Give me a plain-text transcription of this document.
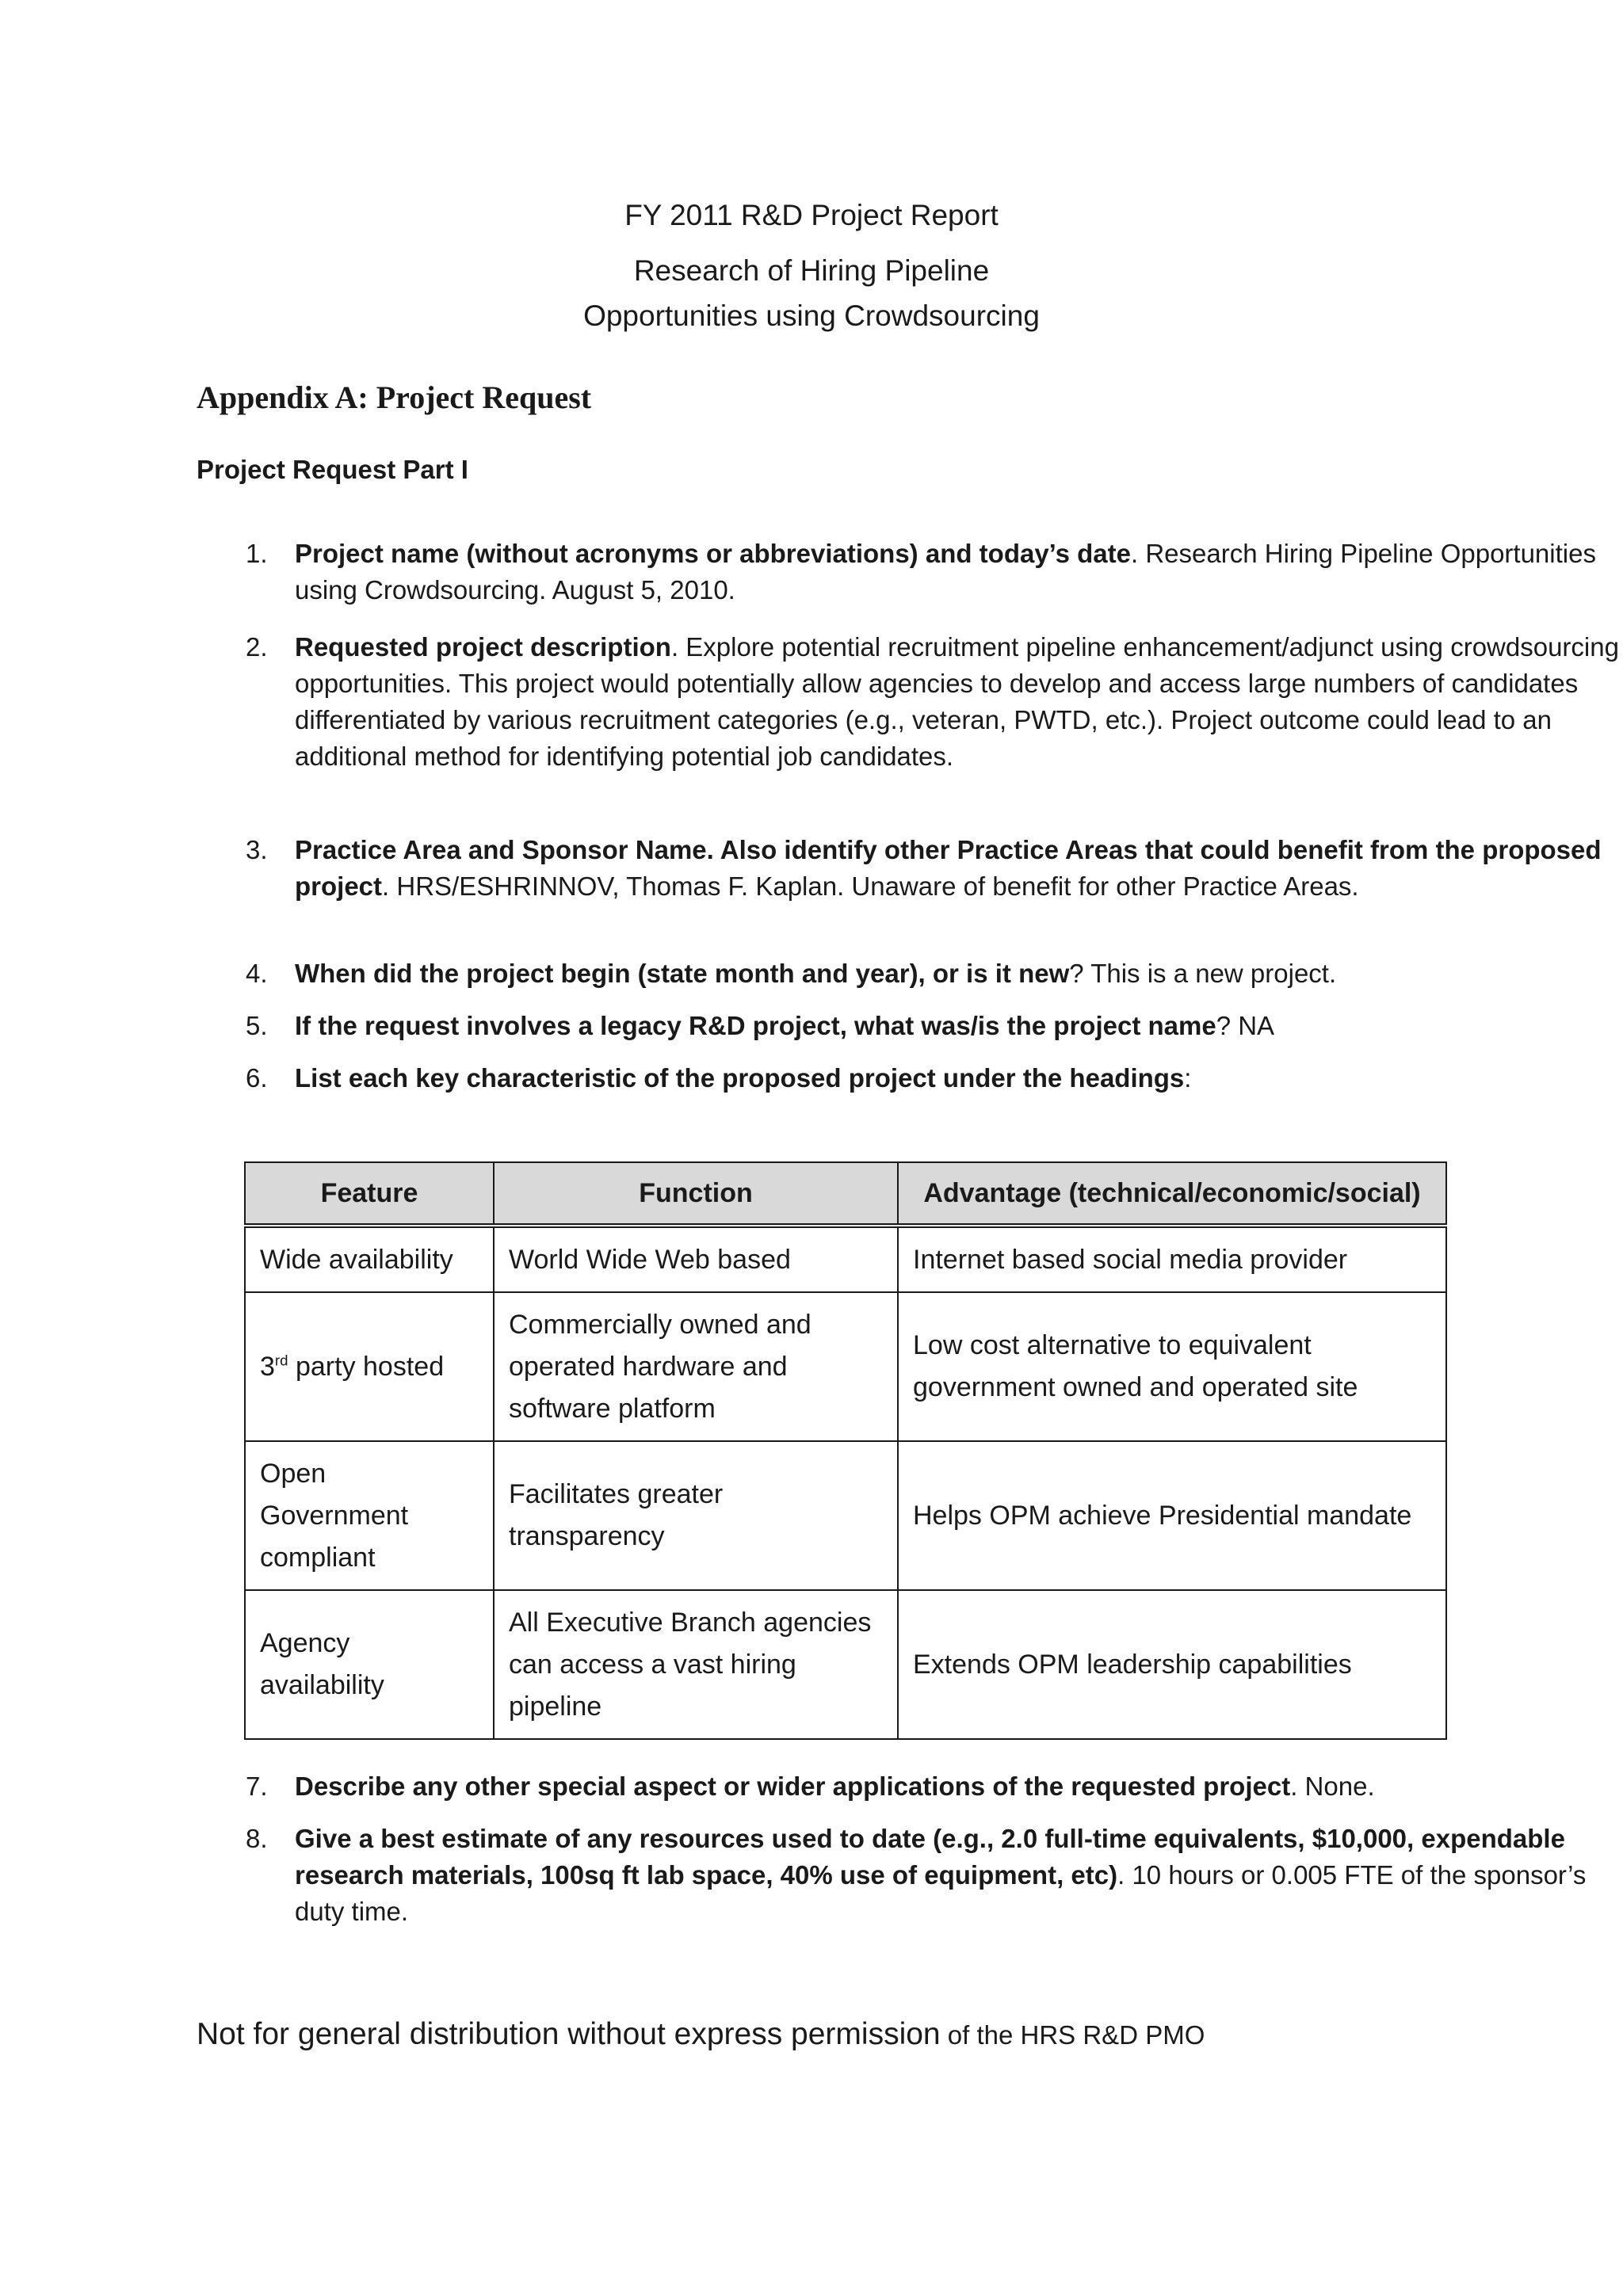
FY 2011 R&D Project Report
Research of Hiring Pipeline
Opportunities using Crowdsourcing
Appendix A: Project Request
Project Request Part I
1. Project name (without acronyms or abbreviations) and today’s date. Research Hiring Pipeline Opportunities using Crowdsourcing. August 5, 2010.
2. Requested project description. Explore potential recruitment pipeline enhancement/adjunct using crowdsourcing opportunities. This project would potentially allow agencies to develop and access large numbers of candidates differentiated by various recruitment categories (e.g., veteran, PWTD, etc.). Project outcome could lead to an additional method for identifying potential job candidates.
3. Practice Area and Sponsor Name. Also identify other Practice Areas that could benefit from the proposed project. HRS/ESHRINNOV, Thomas F. Kaplan. Unaware of benefit for other Practice Areas.
4. When did the project begin (state month and year), or is it new? This is a new project.
5. If the request involves a legacy R&D project, what was/is the project name? NA
6. List each key characteristic of the proposed project under the headings:
Feature	Function	Advantage (technical/economic/social)
Wide availability	World Wide Web based	Internet based social media provider
3rd party hosted	Commercially owned and operated hardware and software platform	Low cost alternative to equivalent government owned and operated site
Open Government compliant	Facilitates greater transparency	Helps OPM achieve Presidential mandate
Agency availability	All Executive Branch agencies can access a vast hiring pipeline	Extends OPM leadership capabilities
7. Describe any other special aspect or wider applications of the requested project. None.
8. Give a best estimate of any resources used to date (e.g., 2.0 full-time equivalents, $10,000, expendable research materials, 100sq ft lab space, 40% use of equipment, etc). 10 hours or 0.005 FTE of the sponsor’s duty time.
Not for general distribution without express permission of the HRS R&D PMO
